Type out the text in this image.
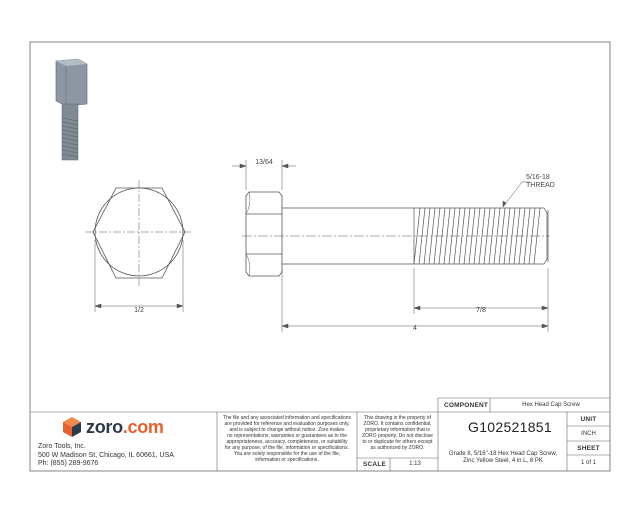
1/2
13/64
5/16-18
THREAD
7/8
4
zoro.com
Zoro Tools, Inc.
500 W Madison St, Chicago, IL 60661, USA
Ph: (855) 289-9676
The file and any associated information and specifications
are provided for reference and evaluation purposes only,
and is subject to change without notice. Zoro makes
no representations, warranties or guarantees as to the
appropriateness, accuracy, completeness, or suitability
for any purpose, of the file, information or specifications.
You are solely responsible for the use of the file,
information or specifications.
This drawing is the property of
ZORO. It contains confidential,
proprietary information that is
ZORO property. Do not disclose
to or duplicate for others except
as authorized by ZORO.
SCALE	1:13
COMPONENT	Hex Head Cap Screw
G102521851
Grade 8, 5/16"-18 Hex Head Cap Screw,
Zinc Yellow Steel, 4 in L, 8 PK
UNIT
INCH
SHEET
1 of 1
